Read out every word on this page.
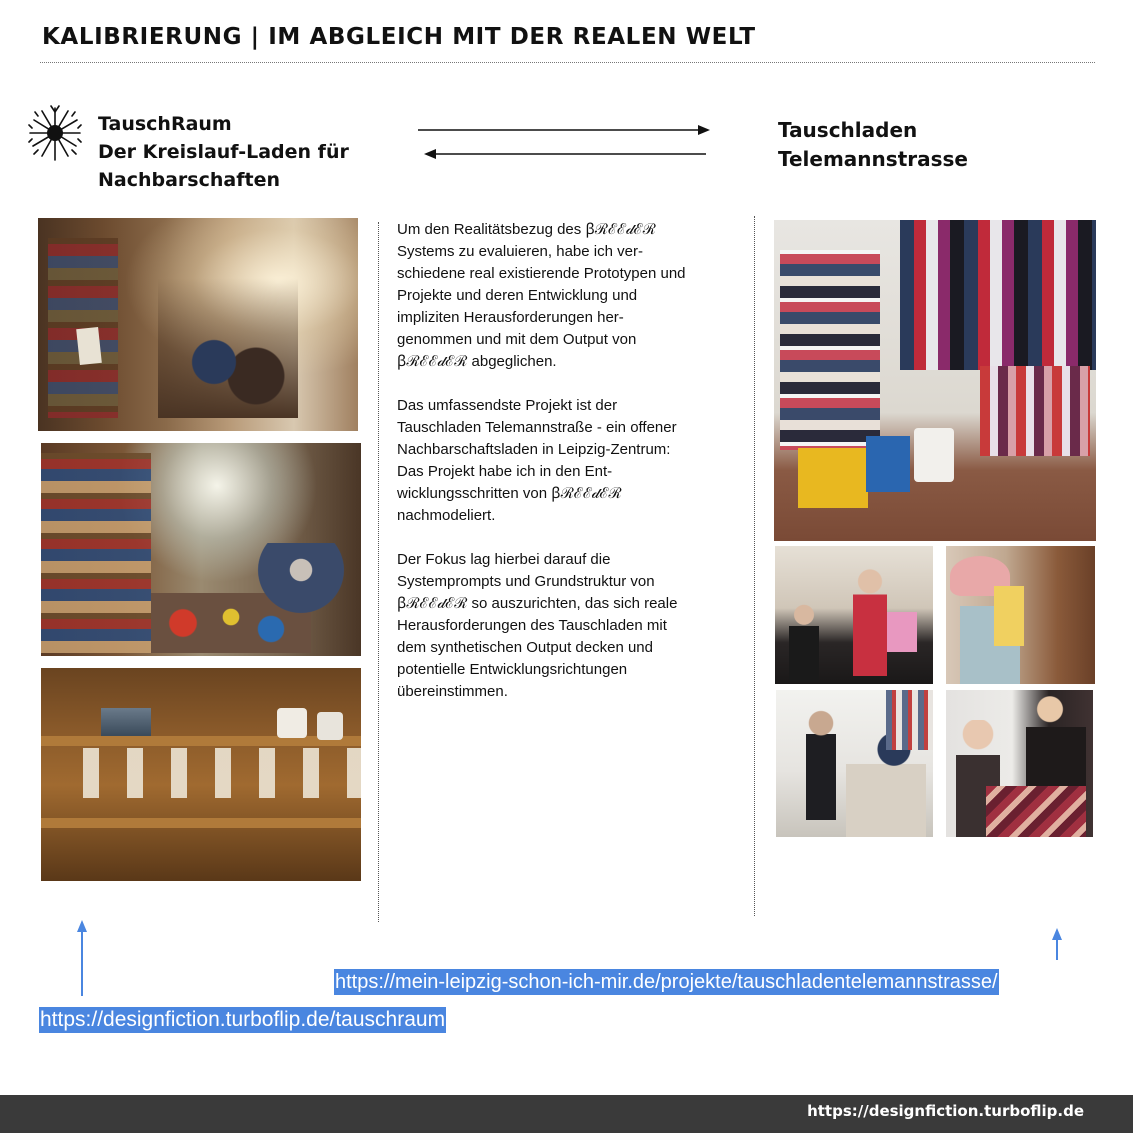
KALIBRIERUNG | IM ABGLEICH MIT DER REALEN WELT
TauschRaum
Der Kreislauf-Laden für
Nachbarschaften
Tauschladen
Telemannstrasse

Um den Realitätsbezug des ꞵℛℰℰ𝒹ℰℛ
Systems zu evaluieren, habe ich ver-
schiedene real existierende Prototypen und
Projekte und deren Entwicklung und
impliziten Herausforderungen her-
genommen und mit dem Output von
ꞵℛℰℰ𝒹ℰℛ abgeglichen.

Das umfassendste Projekt ist der
Tauschladen Telemannstraße - ein offener
Nachbarschaftsladen in Leipzig-Zentrum:
Das Projekt habe ich in den Ent-
wicklungsschritten von ꞵℛℰℰ𝒹ℰℛ
nachmodeliert.

Der Fokus lag hierbei darauf die
Systemprompts und Grundstruktur von
ꞵℛℰℰ𝒹ℰℛ so auszurichten, das sich reale
Herausforderungen des Tauschladen mit
dem synthetischen Output decken und
potentielle Entwicklungsrichtungen
übereinstimmen.

https://mein-leipzig-schon-ich-mir.de/projekte/tauschladentelemannstrasse/
https://designfiction.turboflip.de/tauschraum
https://designfiction.turboflip.de
